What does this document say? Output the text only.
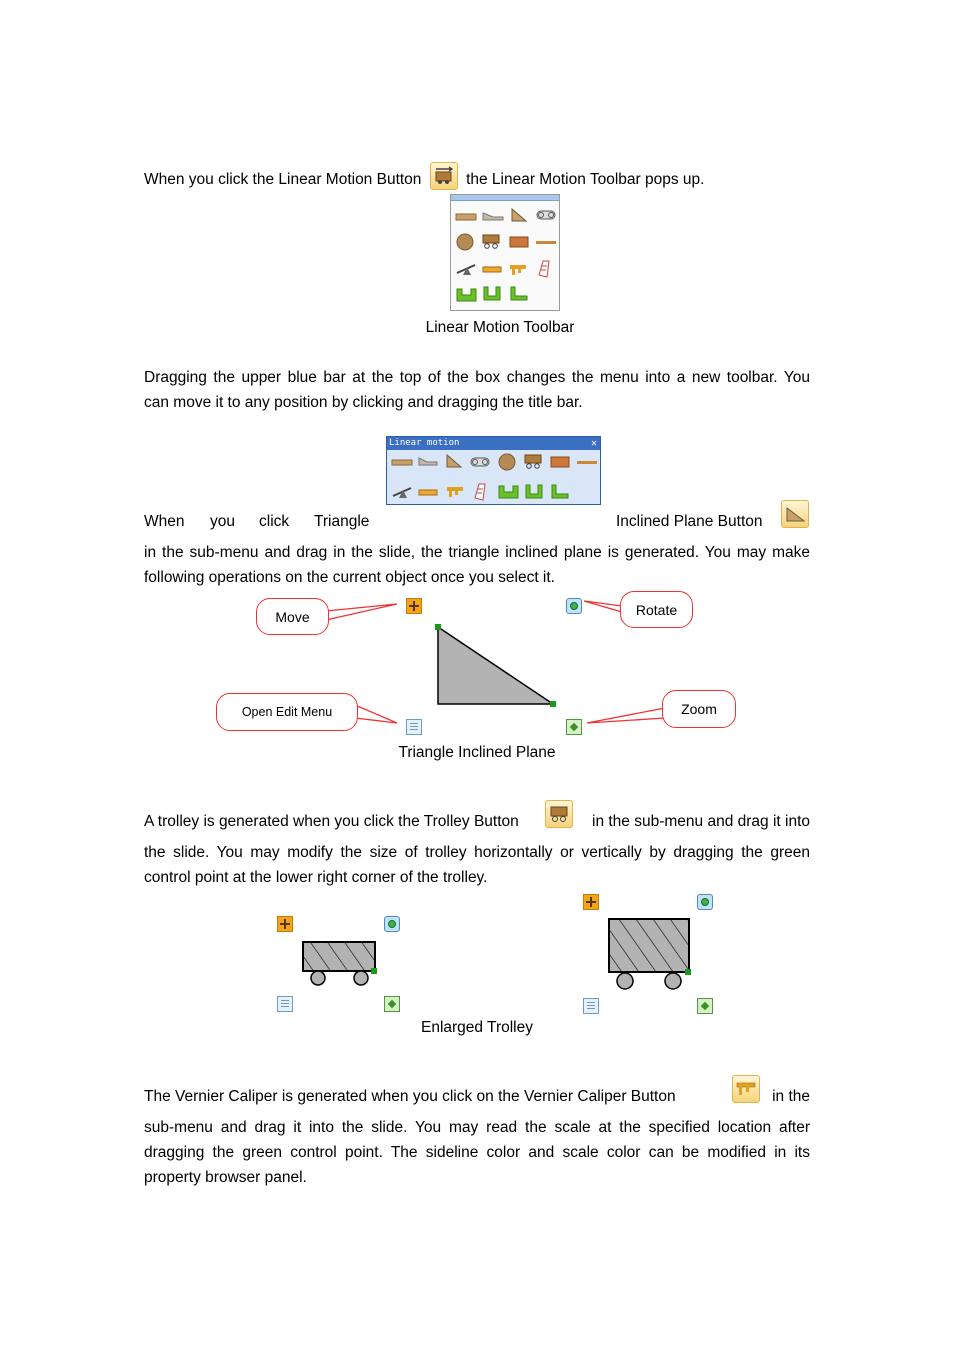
When you click the Linear Motion Button	the Linear Motion Toolbar pops up.
Linear Motion Toolbar
Dragging the upper blue bar at the top of the box changes the menu into a new toolbar. You
can move it to any position by clicking and dragging the title bar.
Linear motion	✕
When you click Triangle	Inclined Plane Button
in the sub-menu and drag in the slide, the triangle inclined plane is generated. You may make
following operations on the current object once you select it.
Move	Rotate
Open Edit Menu	Zoom
Triangle Inclined Plane
A trolley is generated when you click the Trolley Button	in the sub-menu and drag it into
the slide. You may modify the size of trolley horizontally or vertically by dragging the green
control point at the lower right corner of the trolley.
Enlarged Trolley
The Vernier Caliper is generated when you click on the Vernier Caliper Button	in the
sub-menu and drag it into the slide. You may read the scale at the specified location after
dragging the green control point. The sideline color and scale color can be modified in its
property browser panel.
